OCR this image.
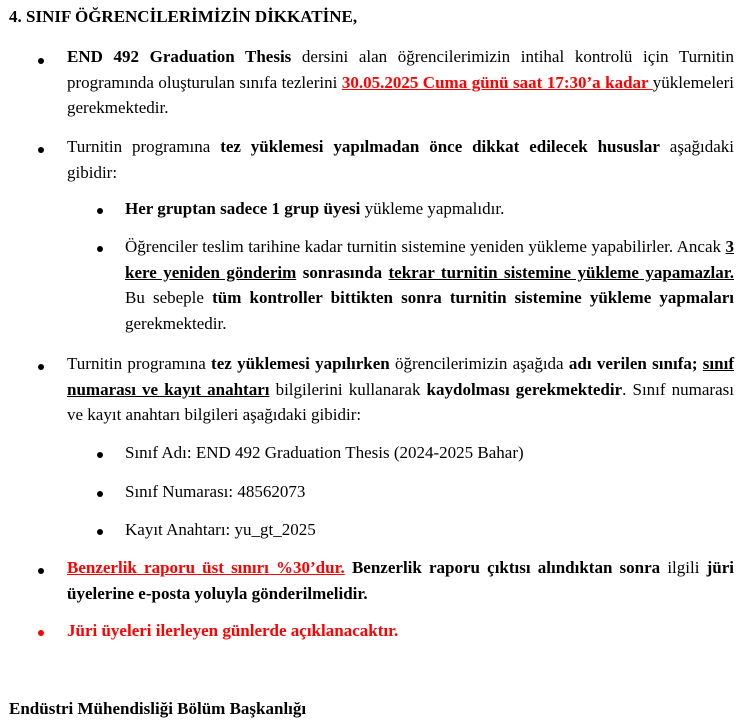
4. SINIF ÖĞRENCİLERİMİZİN DİKKATİNE,
END 492 Graduation Thesis dersini alan öğrencilerimizin intihal kontrolü için Turnitin programında oluşturulan sınıfa tezlerini 30.05.2025 Cuma günü saat 17:30’a kadar yüklemeleri gerekmektedir.
Turnitin programına tez yüklemesi yapılmadan önce dikkat edilecek hususlar aşağıdaki gibidir:
Her gruptan sadece 1 grup üyesi yükleme yapmalıdır.
Öğrenciler teslim tarihine kadar turnitin sistemine yeniden yükleme yapabilirler. Ancak 3 kere yeniden gönderim sonrasında tekrar turnitin sistemine yükleme yapamazlar. Bu sebeple tüm kontroller bittikten sonra turnitin sistemine yükleme yapmaları gerekmektedir.
Turnitin programına tez yüklemesi yapılırken öğrencilerimizin aşağıda adı verilen sınıfa; sınıf numarası ve kayıt anahtarı bilgilerini kullanarak kaydolması gerekmektedir. Sınıf numarası ve kayıt anahtarı bilgileri aşağıdaki gibidir:
Sınıf Adı: END 492 Graduation Thesis (2024-2025 Bahar)
Sınıf Numarası: 48562073
Kayıt Anahtarı: yu_gt_2025
Benzerlik raporu üst sınırı %30’dur. Benzerlik raporu çıktısı alındıktan sonra ilgili jüri üyelerine e-posta yoluyla gönderilmelidir.
Jüri üyeleri ilerleyen günlerde açıklanacaktır.
Endüstri Mühendisliği Bölüm Başkanlığı
